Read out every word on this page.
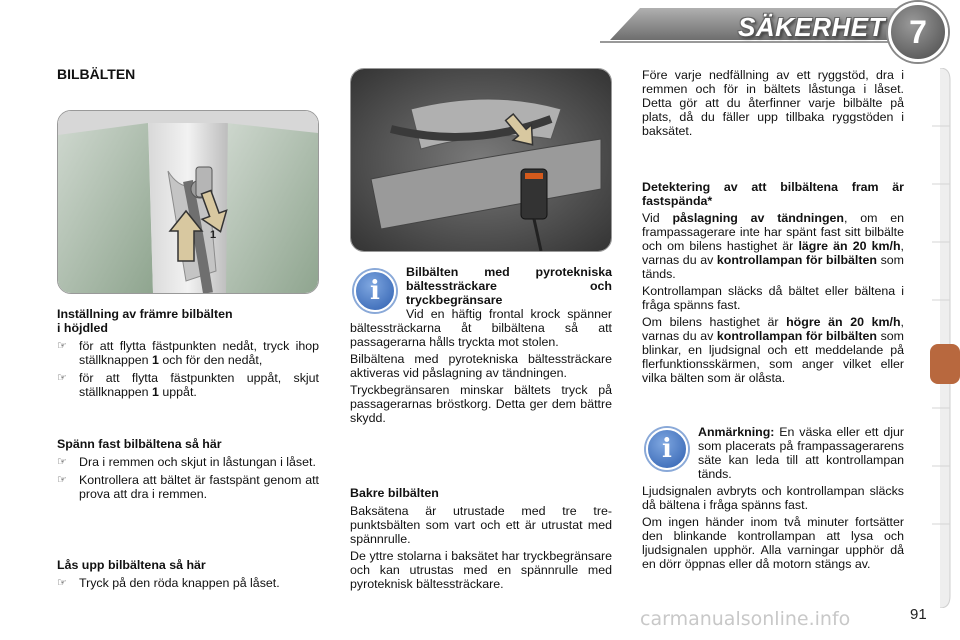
SÄKERHET 7
BILBÄLTEN
1

Inställning av främre bilbälten
i höjdled

☞ för att flytta fästpunkten nedåt, tryck ihop ställknappen 1 och för den nedåt,
☞ för att flytta fästpunkten uppåt, skjut ställknappen 1 uppåt.

Spänn fast bilbältena så här

☞ Dra i remmen och skjut in låstungan i låset.
☞ Kontrollera att bältet är fastspänt genom att prova att dra i remmen.

Lås upp bilbältena så här

☞ Tryck på den röda knappen på låset.
i

Bilbälten med pyrotekniska bältessträckare och tryckbegränsare

Vid en häftig frontal krock spänner bältessträckarna åt bilbältena så att passagerarna hålls tryckta mot stolen.

Bilbältena med pyrotekniska bältessträckare aktiveras vid påslagning av tändningen.

Tryckbegränsaren minskar bältets tryck på passagerarnas bröstkorg. Detta ger dem bättre skydd.

Bakre bilbälten

Baksätena är utrustade med tre tre-punktsbälten som vart och ett är utrustat med spännrulle.

De yttre stolarna i baksätet har tryckbegränsare och kan utrustas med en spännrulle med pyroteknisk bältessträckare.

Före varje nedfällning av ett ryggstöd, dra i remmen och för in bältets låstunga i låset. Detta gör att du återfinner varje bilbälte på plats, då du fäller upp tillbaka ryggstöden i baksätet.

Detektering av att bilbältena fram är fastspända*

Vid påslagning av tändningen, om en frampassagerare inte har spänt fast sitt bilbälte och om bilens hastighet är lägre än 20 km/h, varnas du av kontrollampan för bilbälten som tänds.

Kontrollampan släcks då bältet eller bältena i fråga spänns fast.

Om bilens hastighet är högre än 20 km/h, varnas du av kontrollampan för bilbälten som blinkar, en ljudsignal och ett meddelande på flerfunktionsskärmen, som anger vilket eller vilka bälten som är olåsta.

i

Anmärkning: En väska eller ett djur som placerats på frampassagerarens säte kan leda till att kontrollampan tänds.

Ljudsignalen avbryts och kontrollampan släcks då bältena i fråga spänns fast.

Om ingen händer inom två minuter fortsätter den blinkande kontrollampan att lysa och ljudsignalen upphör. Alla varningar upphör då en dörr öppnas eller då motorn stängs av.

carmanualsonline.info	91
